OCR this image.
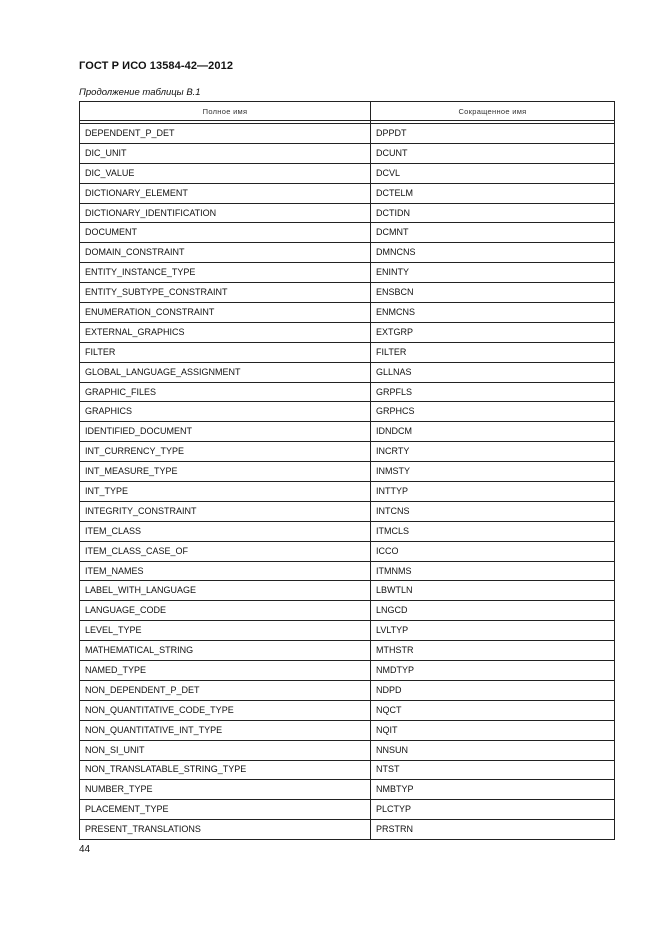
ГОСТ Р ИСО 13584-42—2012
Продолжение таблицы В.1
Полное имя	Сокращенное имя

DEPENDENT_P_DET	DPPDT
DIC_UNIT	DCUNT
DIC_VALUE	DCVL
DICTIONARY_ELEMENT	DCTELM
DICTIONARY_IDENTIFICATION	DCTIDN
DOCUMENT	DCMNT
DOMAIN_CONSTRAINT	DMNCNS
ENTITY_INSTANCE_TYPE	ENINTY
ENTITY_SUBTYPE_CONSTRAINT	ENSBCN
ENUMERATION_CONSTRAINT	ENMCNS
EXTERNAL_GRAPHICS	EXTGRP
FILTER	FILTER
GLOBAL_LANGUAGE_ASSIGNMENT	GLLNAS
GRAPHIC_FILES	GRPFLS
GRAPHICS	GRPHCS
IDENTIFIED_DOCUMENT	IDNDCM
INT_CURRENCY_TYPE	INCRTY
INT_MEASURE_TYPE	INMSTY
INT_TYPE	INTTYP
INTEGRITY_CONSTRAINT	INTCNS
ITEM_CLASS	ITMCLS
ITEM_CLASS_CASE_OF	ICCO
ITEM_NAMES	ITMNMS
LABEL_WITH_LANGUAGE	LBWTLN
LANGUAGE_CODE	LNGCD
LEVEL_TYPE	LVLTYP
MATHEMATICAL_STRING	MTHSTR
NAMED_TYPE	NMDTYP
NON_DEPENDENT_P_DET	NDPD
NON_QUANTITATIVE_CODE_TYPE	NQCT
NON_QUANTITATIVE_INT_TYPE	NQIT
NON_SI_UNIT	NNSUN
NON_TRANSLATABLE_STRING_TYPE	NTST
NUMBER_TYPE	NMBTYP
PLACEMENT_TYPE	PLCTYP
PRESENT_TRANSLATIONS	PRSTRN
44
